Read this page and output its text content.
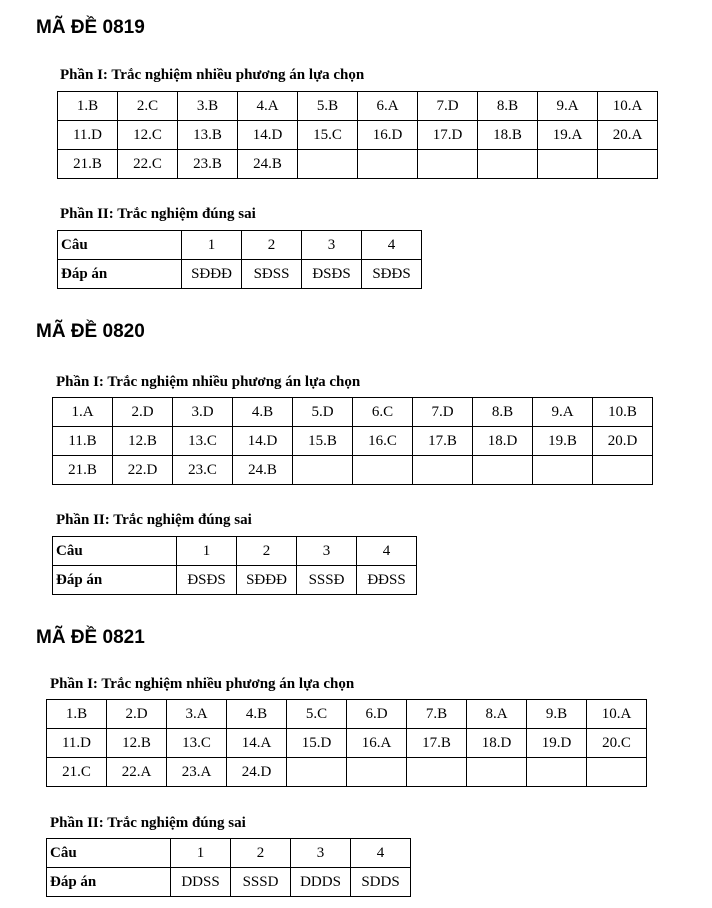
MÃ ĐỀ 0819
Phần I: Trắc nghiệm nhiều phương án lựa chọn
1.B	2.C	3.B	4.A	5.B	6.A	7.D	8.B	9.A	10.A
11.D	12.C	13.B	14.D	15.C	16.D	17.D	18.B	19.A	20.A
21.B	22.C	23.B	24.B						
Phần II: Trắc nghiệm đúng sai
Câu	1	2	3	4
Đáp án	SĐĐĐ	SĐSS	ĐSĐS	SĐĐS
MÃ ĐỀ 0820
Phần I: Trắc nghiệm nhiều phương án lựa chọn
1.A	2.D	3.D	4.B	5.D	6.C	7.D	8.B	9.A	10.B
11.B	12.B	13.C	14.D	15.B	16.C	17.B	18.D	19.B	20.D
21.B	22.D	23.C	24.B						
Phần II: Trắc nghiệm đúng sai
Câu	1	2	3	4
Đáp án	ĐSĐS	SĐĐĐ	SSSĐ	ĐĐSS
MÃ ĐỀ 0821
Phần I: Trắc nghiệm nhiều phương án lựa chọn
1.B	2.D	3.A	4.B	5.C	6.D	7.B	8.A	9.B	10.A
11.D	12.B	13.C	14.A	15.D	16.A	17.B	18.D	19.D	20.C
21.C	22.A	23.A	24.D						
Phần II: Trắc nghiệm đúng sai
Câu	1	2	3	4
Đáp án	DDSS	SSSD	DDDS	SDDS
